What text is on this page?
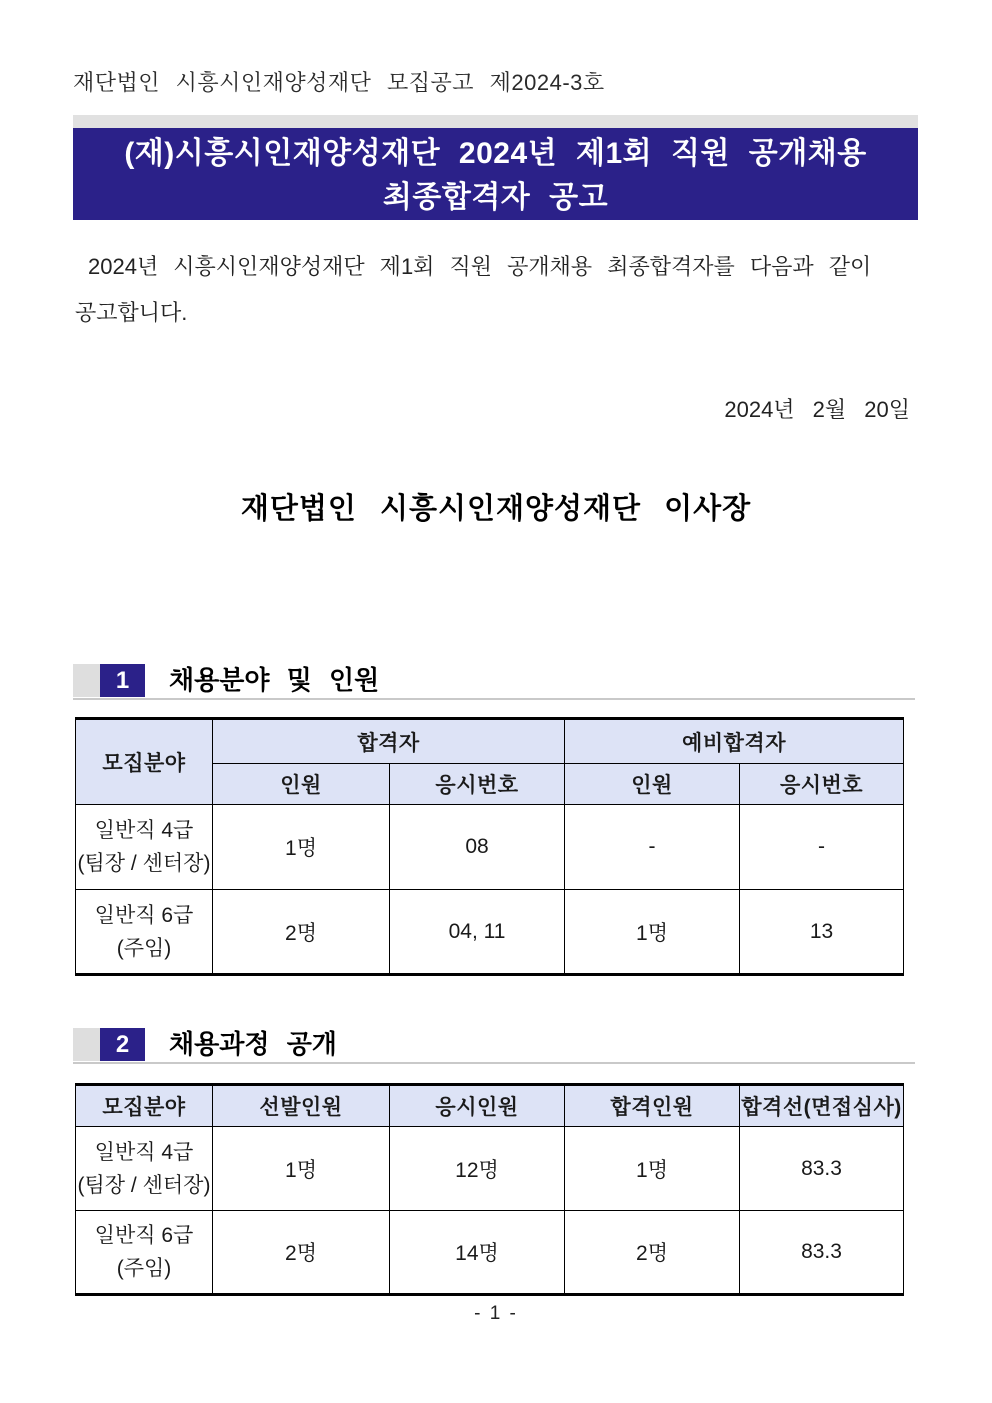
재단법인 시흥시인재양성재단 모집공고 제2024-3호
(재)시흥시인재양성재단 2024년 제1회 직원 공개채용
최종합격자 공고
2024년 시흥시인재양성재단 제1회 직원 공개채용 최종합격자를 다음과 같이
공고합니다.
2024년 2월 20일
재단법인 시흥시인재양성재단 이사장
1	채용분야 및 인원
모집분야	합격자		예비합격자	
	인원	응시번호	인원	응시번호

일반직 4급
(팀장 / 센터장)	1명	08	-	-

일반직 6급
(주임)	2명	04, 11	1명	13
2	채용과정 공개
모집분야	선발인원	응시인원	합격인원	합격선(면접심사)

일반직 4급
(팀장 / 센터장)	1명	12명	1명	83.3

일반직 6급
(주임)	2명	14명	2명	83.3
- 1 -
